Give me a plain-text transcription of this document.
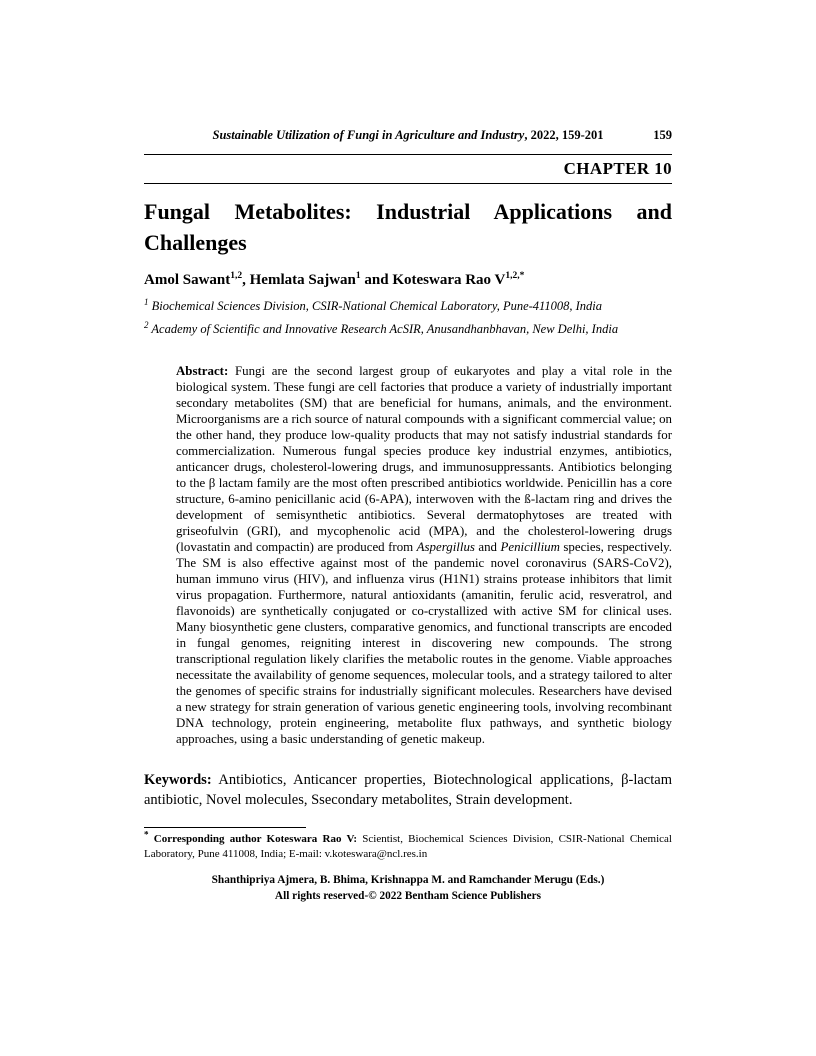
Sustainable Utilization of Fungi in Agriculture and Industry, 2022, 159-201	159
CHAPTER 10
Fungal Metabolites: Industrial Applications and Challenges
Amol Sawant$^{1,2}$, Hemlata Sajwan$^1$ and Koteswara Rao $V^{1,2,*}$
$^1$ Biochemical Sciences Division, CSIR-National Chemical Laboratory, Pune-411008, India
$^2$ Academy of Scientific and Innovative Research AcSIR, Anusandhanbhavan, New Delhi, India

Abstract: Fungi are the second largest group of eukaryotes and play a vital role in the biological system. These fungi are cell factories that produce a variety of industrially important secondary metabolites (SM) that are beneficial for humans, animals, and the environment. Microorganisms are a rich source of natural compounds with a significant commercial value; on the other hand, they produce low-quality products that may not satisfy industrial standards for commercialization. Numerous fungal species produce key industrial enzymes, antibiotics, anticancer drugs, cholesterol-lowering drugs, and immunosuppressants. Antibiotics belonging to the β lactam family are the most often prescribed antibiotics worldwide. Penicillin has a core structure, 6-amino penicillanic acid (6-APA), interwoven with the ß-lactam ring and drives the development of semisynthetic antibiotics. Several dermatophytoses are treated with griseofulvin (GRI), and mycophenolic acid (MPA), and the cholesterol-lowering drugs (lovastatin and compactin) are produced from Aspergillus and Penicillium species, respectively. The SM is also effective against most of the pandemic novel coronavirus (SARS-CoV2), human immuno virus (HIV), and influenza virus (H1N1) strains protease inhibitors that limit virus propagation. Furthermore, natural antioxidants (amanitin, ferulic acid, resveratrol, and flavonoids) are synthetically conjugated or co-crystallized with active SM for clinical uses. Many biosynthetic gene clusters, comparative genomics, and functional transcripts are encoded in fungal genomes, reigniting interest in discovering new compounds. The strong transcriptional regulation likely clarifies the metabolic routes in the genome. Viable approaches necessitate the availability of genome sequences, molecular tools, and a strategy tailored to alter the genomes of specific strains for industrially significant molecules. Researchers have devised a new strategy for strain generation of various genetic engineering tools, involving recombinant DNA technology, protein engineering, metabolite flux pathways, and synthetic biology approaches, using a basic understanding of genetic makeup.

Keywords: Antibiotics, Anticancer properties, Biotechnological applications, β-lactam antibiotic, Novel molecules, Ssecondary metabolites, Strain development.

* Corresponding author Koteswara Rao V: Scientist, Biochemical Sciences Division, CSIR-National Chemical Laboratory, Pune 411008, India; E-mail: v.koteswara@ncl.res.in

Shanthipriya Ajmera, B. Bhima, Krishnappa M. and Ramchander Merugu (Eds.)
All rights reserved-© 2022 Bentham Science Publishers
